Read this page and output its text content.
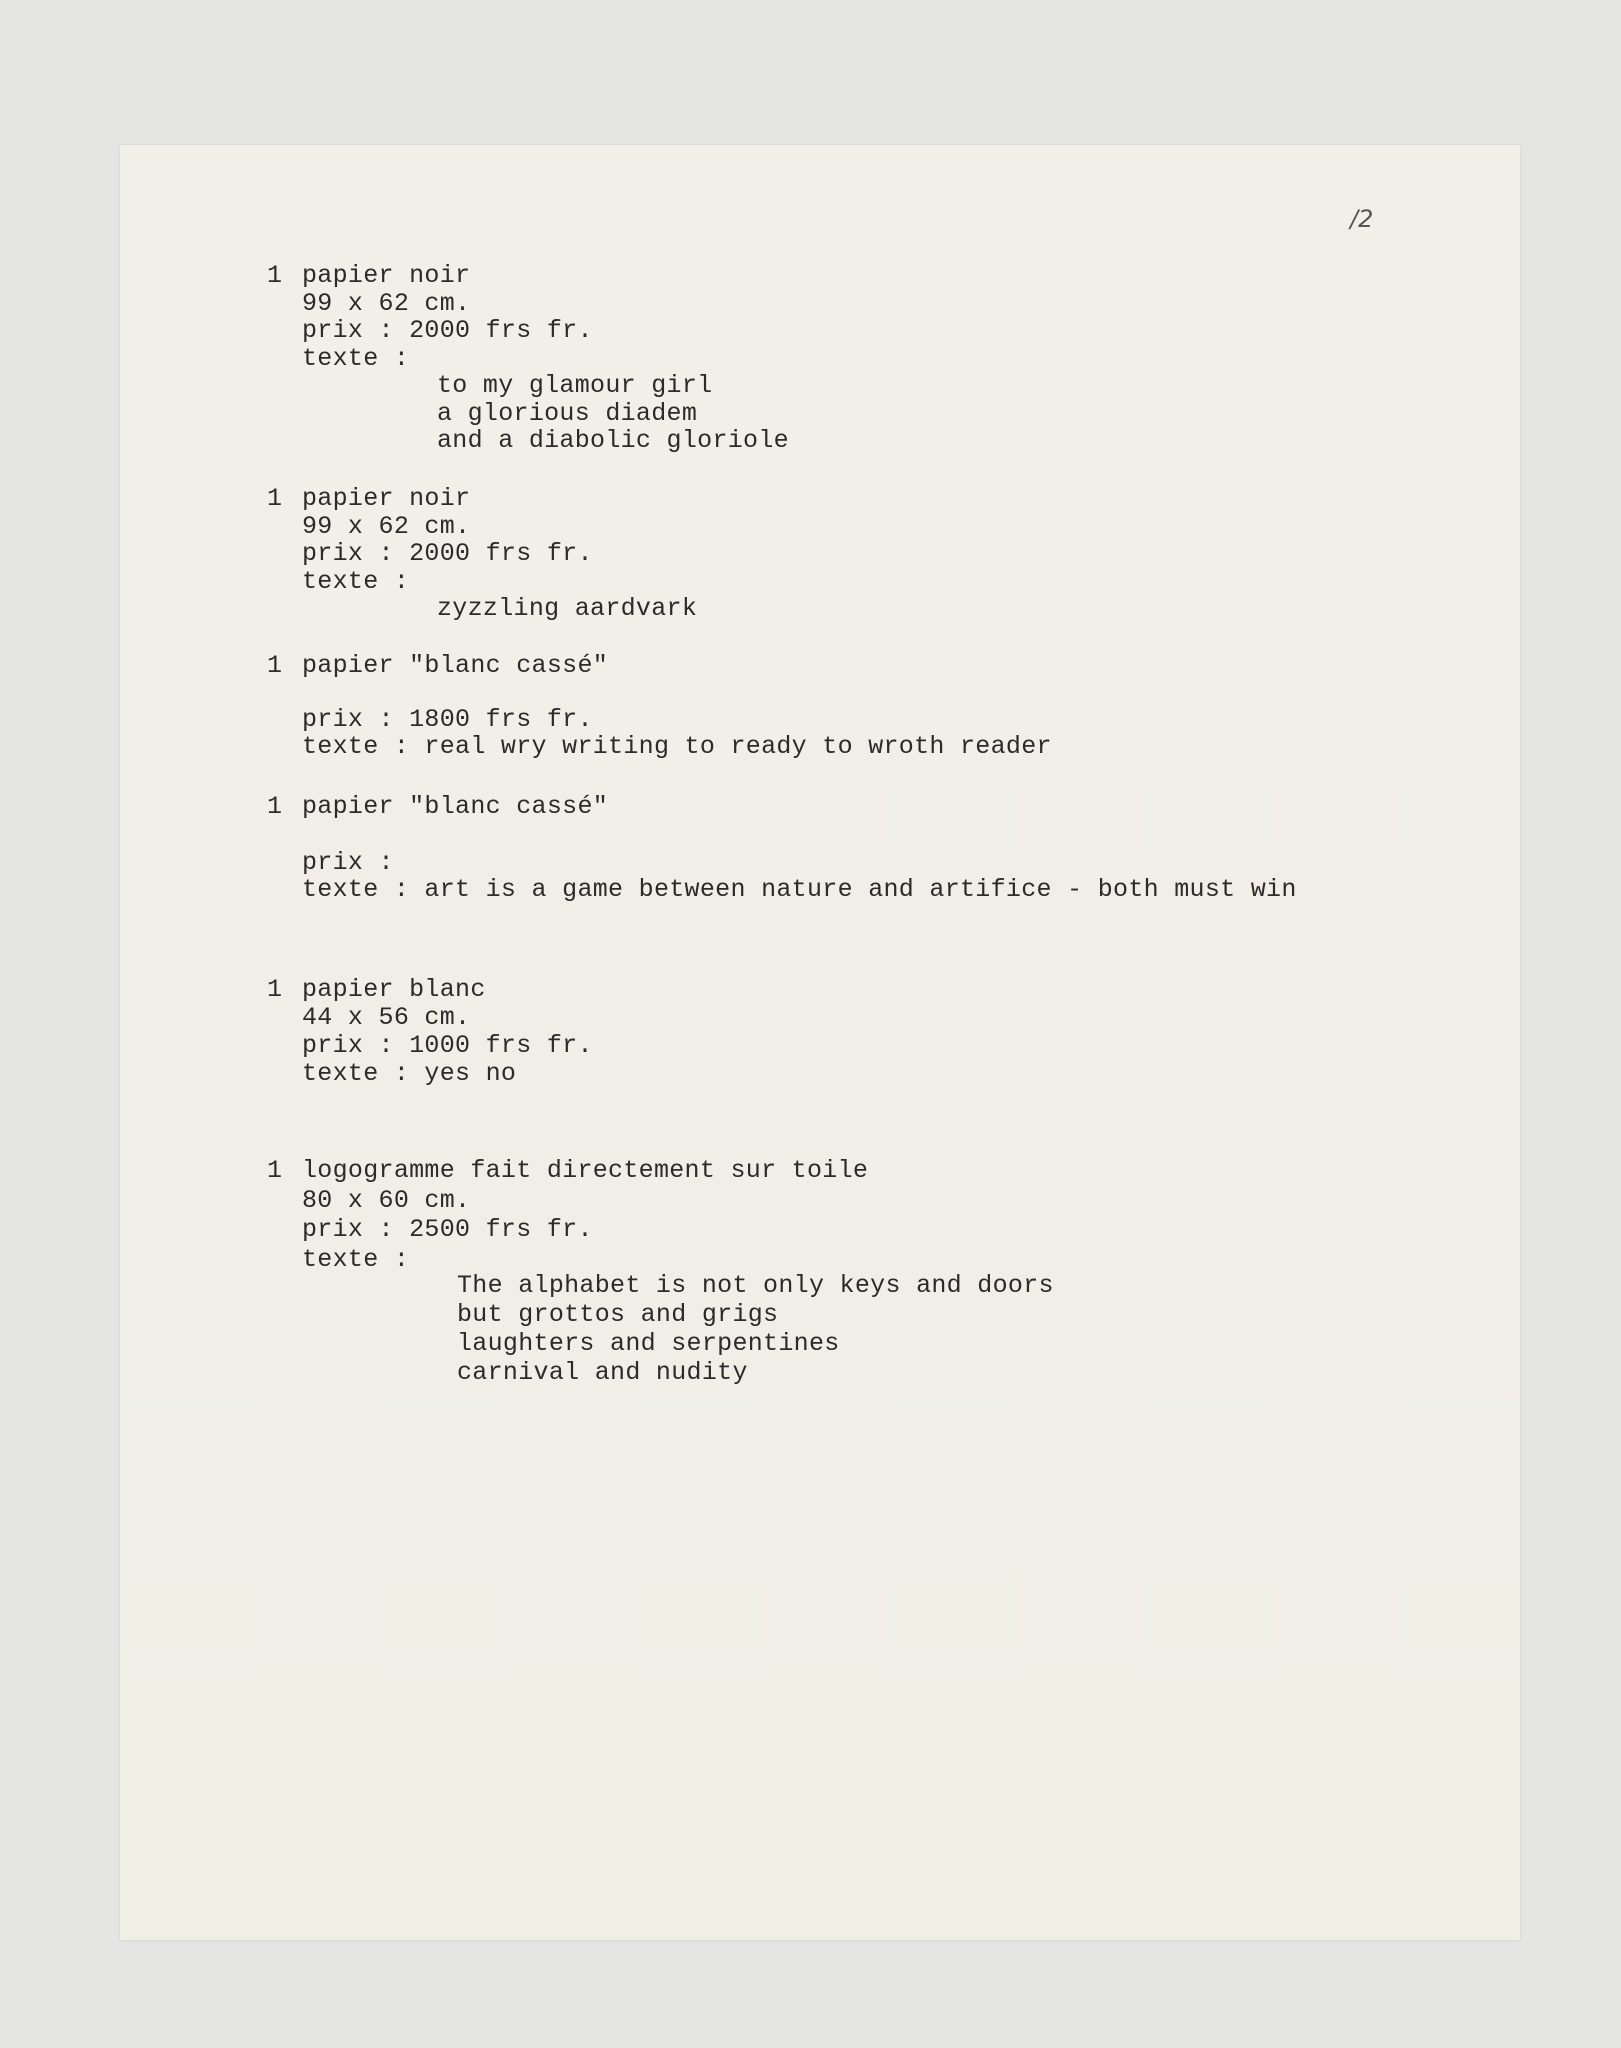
/2
1 papier noir
99 x 62 cm.
prix : 2000 frs fr.
texte :
to my glamour girl
a glorious diadem
and a diabolic gloriole
1 papier noir
99 x 62 cm.
prix : 2000 frs fr.
texte :
zyzzling aardvark
1 papier "blanc cassé"
prix : 1800 frs fr.
texte : real wry writing to ready to wroth reader
1 papier "blanc cassé"
prix :
texte : art is a game between nature and artifice - both must win
1 papier blanc
44 x 56 cm.
prix : 1000 frs fr.
texte : yes no
1 logogramme fait directement sur toile
80 x 60 cm.
prix : 2500 frs fr.
texte :
The alphabet is not only keys and doors
but grottos and grigs
laughters and serpentines
carnival and nudity
